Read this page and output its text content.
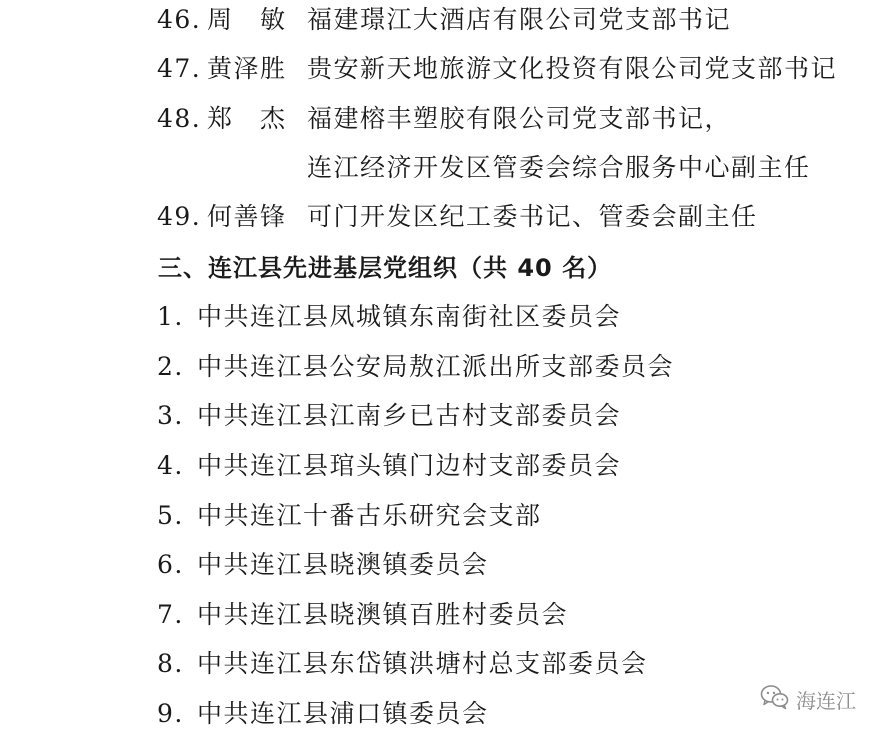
46. 周　敏 福建璟江大酒店有限公司党支部书记
47. 黄泽胜 贵安新天地旅游文化投资有限公司党支部书记
48. 郑　杰 福建榕丰塑胶有限公司党支部书记，
连江经济开发区管委会综合服务中心副主任
49. 何善锋 可门开发区纪工委书记、管委会副主任
三、连江县先进基层党组织（共 40 名）
1. 中共连江县凤城镇东南街社区委员会
2. 中共连江县公安局敖江派出所支部委员会
3. 中共连江县江南乡已古村支部委员会
4. 中共连江县琯头镇门边村支部委员会
5. 中共连江十番古乐研究会支部
6. 中共连江县晓澳镇委员会
7. 中共连江县晓澳镇百胜村委员会
8. 中共连江县东岱镇洪塘村总支部委员会
9. 中共连江县浦口镇委员会	海连江
